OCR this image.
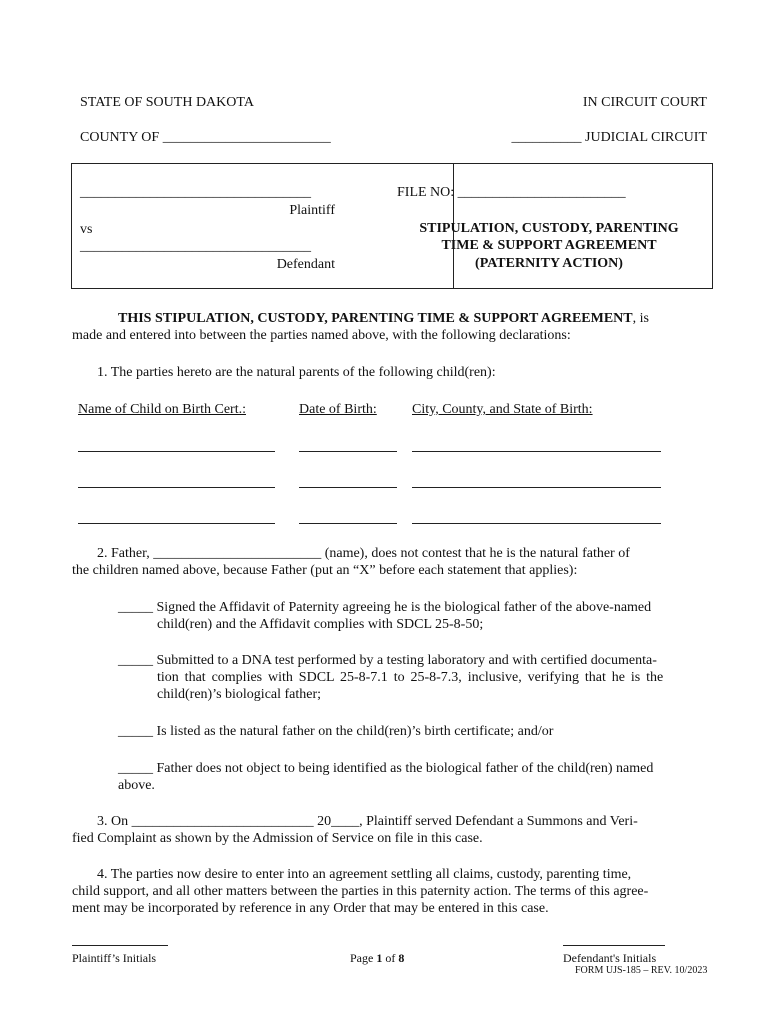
STATE OF SOUTH DAKOTA	IN CIRCUIT COURT
COUNTY OF ________________________	__________ JUDICIAL CIRCUIT
_________________________________
Plaintiff
vs
_________________________________
Defendant
FILE NO: ________________________
STIPULATION, CUSTODY, PARENTING
TIME & SUPPORT AGREEMENT
(PATERNITY ACTION)
THIS STIPULATION, CUSTODY, PARENTING TIME & SUPPORT AGREEMENT, is
made and entered into between the parties named above, with the following declarations:
1. The parties hereto are the natural parents of the following child(ren):
Name of Child on Birth Cert.:	Date of Birth:	City, County, and State of Birth:
2. Father, ________________________ (name), does not contest that he is the natural father of
the children named above, because Father (put an “X” before each statement that applies):
_____ Signed the Affidavit of Paternity agreeing he is the biological father of the above-named
child(ren) and the Affidavit complies with SDCL 25-8-50;
_____ Submitted to a DNA test performed by a testing laboratory and with certified documenta-
tion that complies with SDCL 25-8-7.1 to 25-8-7.3, inclusive, verifying that he is the
child(ren)’s biological father;
_____ Is listed as the natural father on the child(ren)’s birth certificate; and/or
_____ Father does not object to being identified as the biological father of the child(ren) named
above.
3. On __________________________ 20____, Plaintiff served Defendant a Summons and Veri-
fied Complaint as shown by the Admission of Service on file in this case.
4. The parties now desire to enter into an agreement settling all claims, custody, parenting time,
child support, and all other matters between the parties in this paternity action. The terms of this agree-
ment may be incorporated by reference in any Order that may be entered in this case.
Plaintiff’s Initials	Page 1 of 8	Defendant's Initials
FORM UJS-185 – REV. 10/2023
